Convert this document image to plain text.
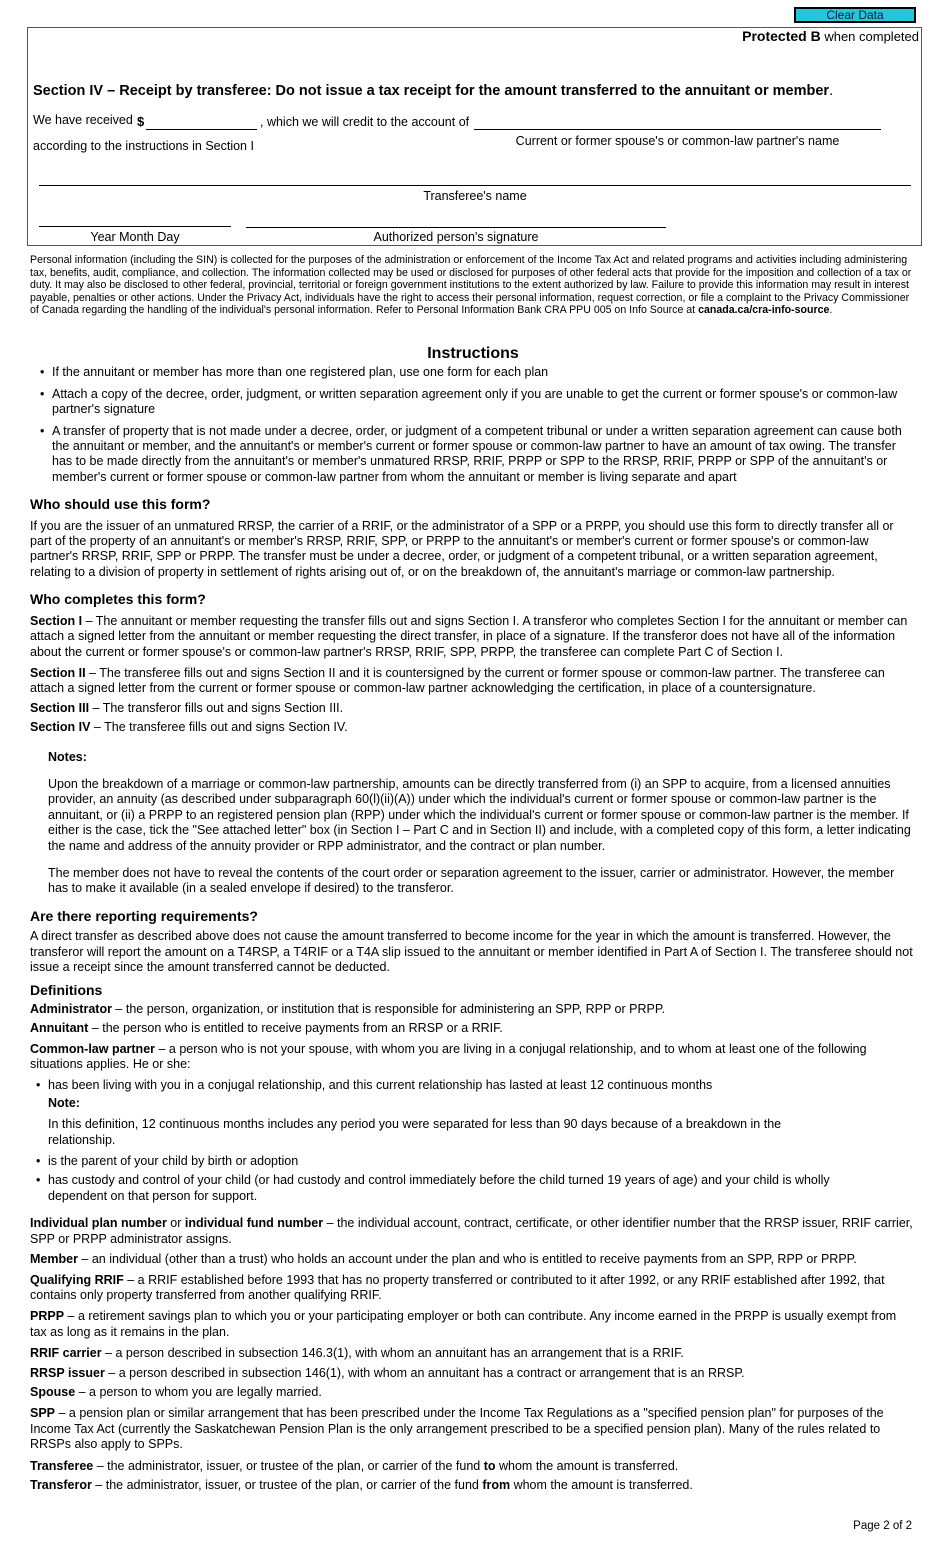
Clear Data
Protected B when completed
Section IV – Receipt by transferee: Do not issue a tax receipt for the amount transferred to the annuitant or member.
We have received $	, which we will credit to the account of
Current or former spouse's or common-law partner's name
according to the instructions in Section I
Transferee's name
Year Month Day	Authorized person's signature
Personal information (including the SIN) is collected for the purposes of the administration or enforcement of the Income Tax Act and related programs and activities including administering tax, benefits, audit, compliance, and collection. The information collected may be used or disclosed for purposes of other federal acts that provide for the imposition and collection of a tax or duty. It may also be disclosed to other federal, provincial, territorial or foreign government institutions to the extent authorized by law. Failure to provide this information may result in interest payable, penalties or other actions. Under the Privacy Act, individuals have the right to access their personal information, request correction, or file a complaint to the Privacy Commissioner of Canada regarding the handling of the individual's personal information. Refer to Personal Information Bank CRA PPU 005 on Info Source at canada.ca/cra-info-source.
Instructions
• If the annuitant or member has more than one registered plan, use one form for each plan
• Attach a copy of the decree, order, judgment, or written separation agreement only if you are unable to get the current or former spouse's or common-law partner's signature
• A transfer of property that is not made under a decree, order, or judgment of a competent tribunal or under a written separation agreement can cause both the annuitant or member, and the annuitant's or member's current or former spouse or common-law partner to have an amount of tax owing. The transfer has to be made directly from the annuitant's or member's unmatured RRSP, RRIF, PRPP or SPP to the RRSP, RRIF, PRPP or SPP of the annuitant's or member's current or former spouse or common-law partner from whom the annuitant or member is living separate and apart
Who should use this form?

If you are the issuer of an unmatured RRSP, the carrier of a RRIF, or the administrator of a SPP or a PRPP, you should use this form to directly transfer all or part of the property of an annuitant's or member's RRSP, RRIF, SPP, or PRPP to the annuitant's or member's current or former spouse's or common-law partner's RRSP, RRIF, SPP or PRPP. The transfer must be under a decree, order, or judgment of a competent tribunal, or a written separation agreement, relating to a division of property in settlement of rights arising out of, or on the breakdown of, the annuitant's marriage or common-law partnership.

Who completes this form?

Section I – The annuitant or member requesting the transfer fills out and signs Section I. A transferor who completes Section I for the annuitant or member can attach a signed letter from the annuitant or member requesting the direct transfer, in place of a signature. If the transferor does not have all of the information about the current or former spouse's or common-law partner's RRSP, RRIF, SPP, PRPP, the transferee can complete Part C of Section I.

Section II – The transferee fills out and signs Section II and it is countersigned by the current or former spouse or common-law partner. The transferee can attach a signed letter from the current or former spouse or common-law partner acknowledging the certification, in place of a countersignature.

Section III – The transferor fills out and signs Section III.

Section IV – The transferee fills out and signs Section IV.

Notes:

Upon the breakdown of a marriage or common-law partnership, amounts can be directly transferred from (i) an SPP to acquire, from a licensed annuities provider, an annuity (as described under subparagraph 60(l)(ii)(A)) under which the individual's current or former spouse or common-law partner is the annuitant, or (ii) a PRPP to an registered pension plan (RPP) under which the individual's current or former spouse or common-law partner is the member. If either is the case, tick the "See attached letter" box (in Section I – Part C and in Section II) and include, with a completed copy of this form, a letter indicating the name and address of the annuity provider or RPP administrator, and the contract or plan number.

The member does not have to reveal the contents of the court order or separation agreement to the issuer, carrier or administrator. However, the member has to make it available (in a sealed envelope if desired) to the transferor.

Are there reporting requirements?

A direct transfer as described above does not cause the amount transferred to become income for the year in which the amount is transferred. However, the transferor will report the amount on a T4RSP, a T4RIF or a T4A slip issued to the annuitant or member identified in Part A of Section I. The transferee should not issue a receipt since the amount transferred cannot be deducted.

Definitions

Administrator – the person, organization, or institution that is responsible for administering an SPP, RPP or PRPP.

Annuitant – the person who is entitled to receive payments from an RRSP or a RRIF.

Common-law partner – a person who is not your spouse, with whom you are living in a conjugal relationship, and to whom at least one of the following situations applies. He or she:

• has been living with you in a conjugal relationship, and this current relationship has lasted at least 12 continuous months
Note:
In this definition, 12 continuous months includes any period you were separated for less than 90 days because of a breakdown in the relationship.
• is the parent of your child by birth or adoption
• has custody and control of your child (or had custody and control immediately before the child turned 19 years of age) and your child is wholly dependent on that person for support.

Individual plan number or individual fund number – the individual account, contract, certificate, or other identifier number that the RRSP issuer, RRIF carrier, SPP or PRPP administrator assigns.

Member – an individual (other than a trust) who holds an account under the plan and who is entitled to receive payments from an SPP, RPP or PRPP.

Qualifying RRIF – a RRIF established before 1993 that has no property transferred or contributed to it after 1992, or any RRIF established after 1992, that contains only property transferred from another qualifying RRIF.

PRPP – a retirement savings plan to which you or your participating employer or both can contribute. Any income earned in the PRPP is usually exempt from tax as long as it remains in the plan.

RRIF carrier – a person described in subsection 146.3(1), with whom an annuitant has an arrangement that is a RRIF.

RRSP issuer – a person described in subsection 146(1), with whom an annuitant has a contract or arrangement that is an RRSP.

Spouse – a person to whom you are legally married.

SPP – a pension plan or similar arrangement that has been prescribed under the Income Tax Regulations as a "specified pension plan" for purposes of the Income Tax Act (currently the Saskatchewan Pension Plan is the only arrangement prescribed to be a specified pension plan). Many of the rules related to RRSPs also apply to SPPs.

Transferee – the administrator, issuer, or trustee of the plan, or carrier of the fund to whom the amount is transferred.

Transferor – the administrator, issuer, or trustee of the plan, or carrier of the fund from whom the amount is transferred.

Page 2 of 2
